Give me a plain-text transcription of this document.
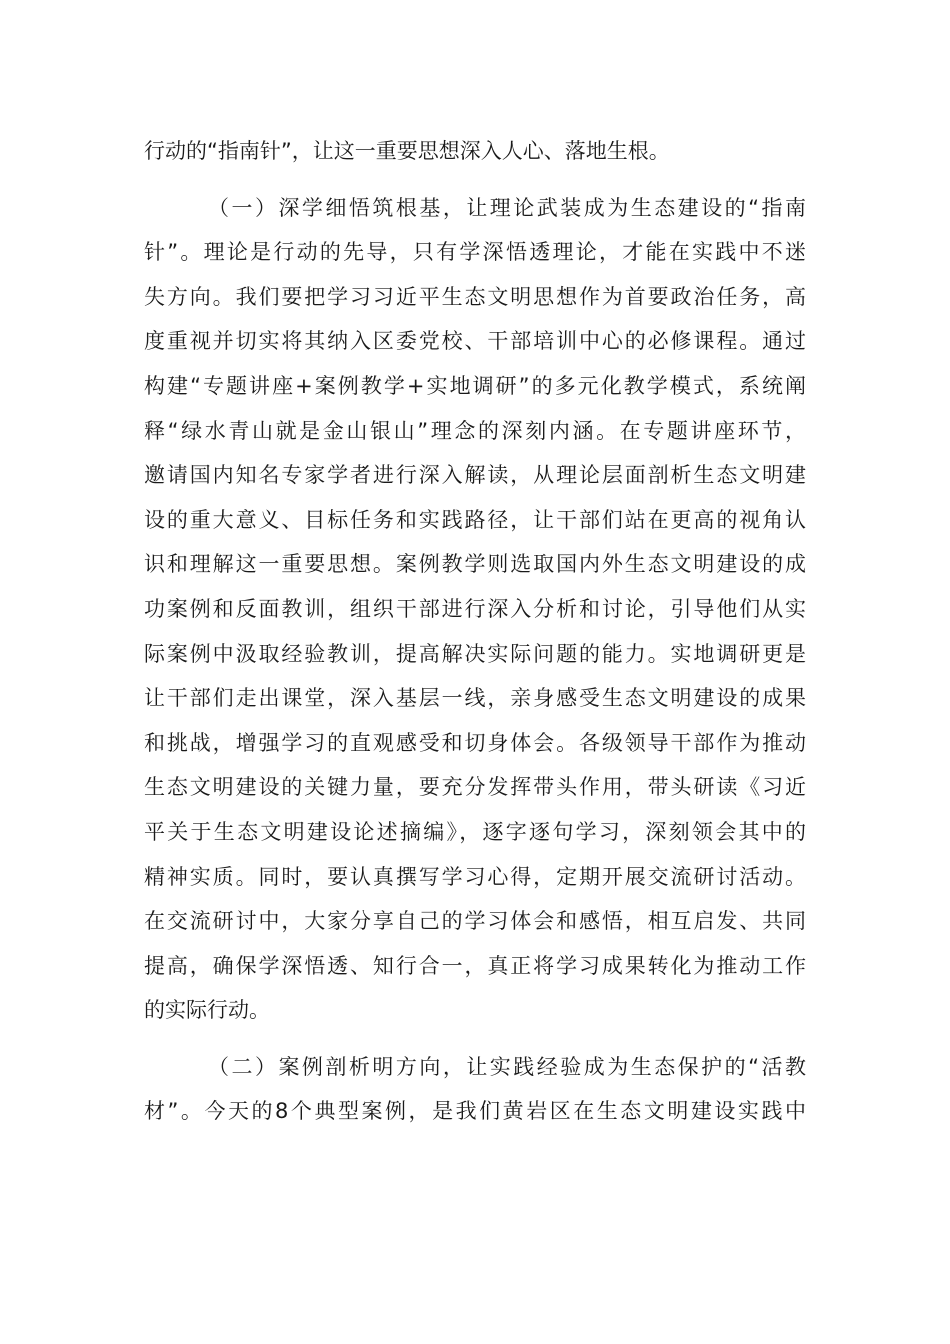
行动的“指南针”，让这一重要思想深入人心、落地生根。
（一）深学细悟筑根基，让理论武装成为生态建设的“指南
针”。理论是行动的先导，只有学深悟透理论，才能在实践中不迷
失方向。我们要把学习习近平生态文明思想作为首要政治任务，高
度重视并切实将其纳入区委党校、干部培训中心的必修课程。通过
构建“专题讲座+案例教学+实地调研”的多元化教学模式，系统阐
释“绿水青山就是金山银山”理念的深刻内涵。在专题讲座环节，
邀请国内知名专家学者进行深入解读，从理论层面剖析生态文明建
设的重大意义、目标任务和实践路径，让干部们站在更高的视角认
识和理解这一重要思想。案例教学则选取国内外生态文明建设的成
功案例和反面教训，组织干部进行深入分析和讨论，引导他们从实
际案例中汲取经验教训，提高解决实际问题的能力。实地调研更是
让干部们走出课堂，深入基层一线，亲身感受生态文明建设的成果
和挑战，增强学习的直观感受和切身体会。各级领导干部作为推动
生态文明建设的关键力量，要充分发挥带头作用，带头研读《习近
平关于生态文明建设论述摘编》，逐字逐句学习，深刻领会其中的
精神实质。同时，要认真撰写学习心得，定期开展交流研讨活动。
在交流研讨中，大家分享自己的学习体会和感悟，相互启发、共同
提高，确保学深悟透、知行合一，真正将学习成果转化为推动工作
的实际行动。
（二）案例剖析明方向，让实践经验成为生态保护的“活教
材”。今天的8个典型案例，是我们黄岩区在生态文明建设实践中
